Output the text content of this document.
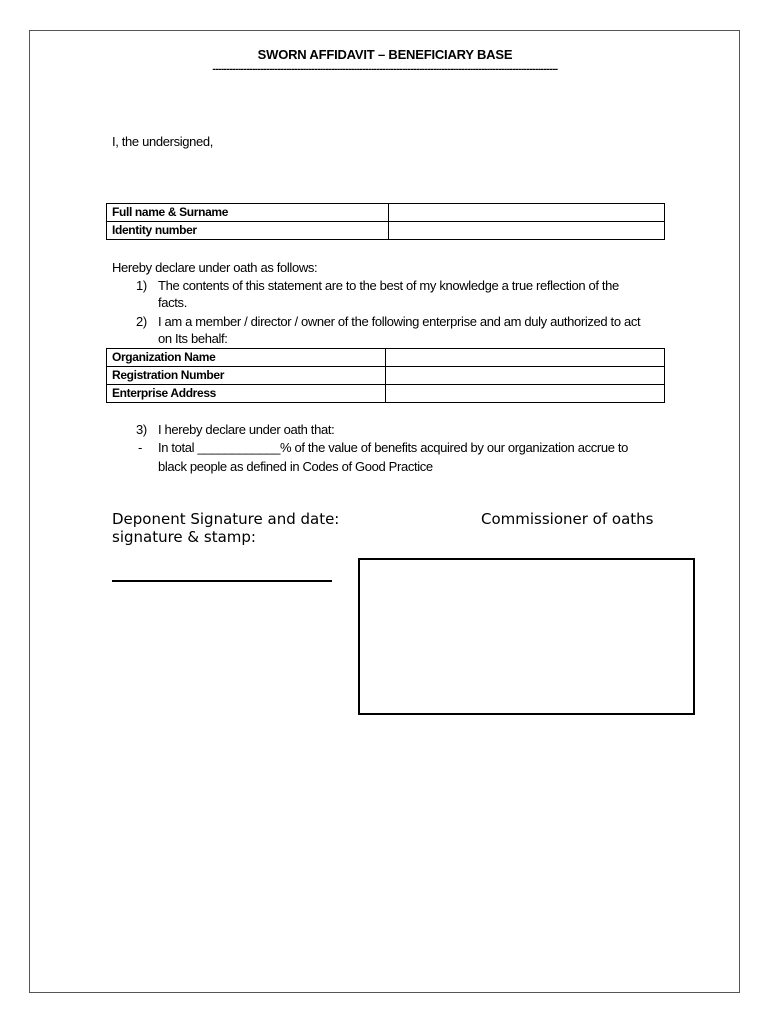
SWORN AFFIDAVIT – BENEFICIARY BASE
--------------------------------------------------------------------------------------------------------------------------
I, the undersigned,
Full name & Surname	
Identity number	
Hereby declare under oath as follows:
1) The contents of this statement are to the best of my knowledge a true reflection of the
facts.
2) I am a member / director / owner of the following enterprise and am duly authorized to act
on Its behalf:
Organization Name	
Registration Number	
Enterprise Address	
3) I hereby declare under oath that:
- In total ____________% of the value of benefits acquired by our organization accrue to
black people as defined in Codes of Good Practice
Deponent Signature and date:	Commissioner of oaths
signature & stamp:
